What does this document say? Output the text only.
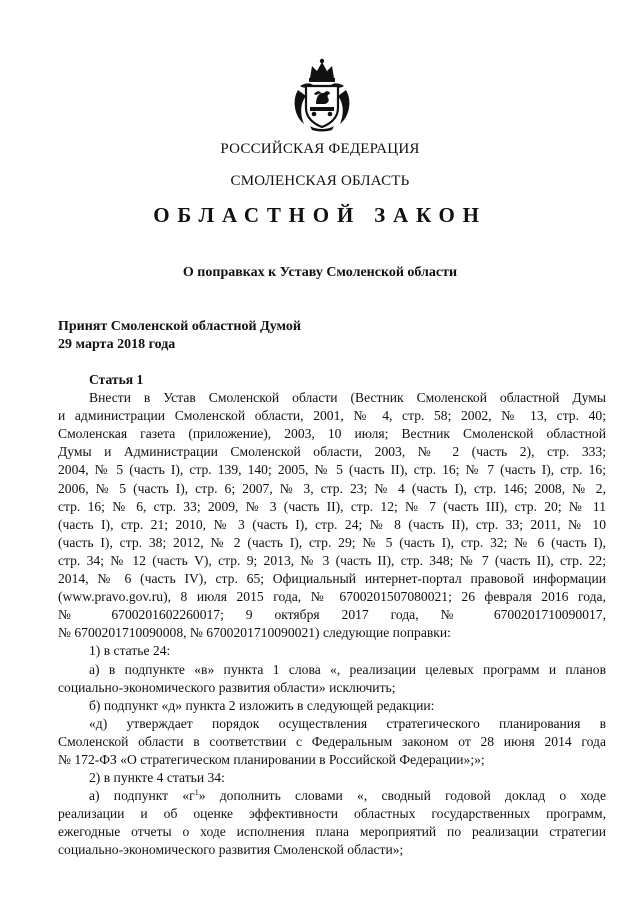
РОССИЙСКАЯ ФЕДЕРАЦИЯ
СМОЛЕНСКАЯ ОБЛАСТЬ
ОБЛАСТНОЙ ЗАКОН
О поправках к Уставу Смоленской области
Принят Смоленской областной Думой
29 марта 2018 года
Статья 1
Внести в Устав Смоленской области (Вестник Смоленской областной Думы
и администрации Смоленской области, 2001, № 4, стр. 58; 2002, № 13, стр. 40;
Смоленская газета (приложение), 2003, 10 июля; Вестник Смоленской областной
Думы и Администрации Смоленской области, 2003, № 2 (часть 2), стр. 333;
2004, № 5 (часть I), стр. 139, 140; 2005, № 5 (часть II), стр. 16; № 7 (часть I), стр. 16;
2006, № 5 (часть I), стр. 6; 2007, № 3, стр. 23; № 4 (часть I), стр. 146; 2008, № 2,
стр. 16; № 6, стр. 33; 2009, № 3 (часть II), стр. 12; № 7 (часть III), стр. 20; № 11
(часть I), стр. 21; 2010, № 3 (часть I), стр. 24; № 8 (часть II), стр. 33; 2011, № 10
(часть I), стр. 38; 2012, № 2 (часть I), стр. 29; № 5 (часть I), стр. 32; № 6 (часть I),
стр. 34; № 12 (часть V), стр. 9; 2013, № 3 (часть II), стр. 348; № 7 (часть II), стр. 22;
2014, № 6 (часть IV), стр. 65; Официальный интернет-портал правовой информации
(www.pravo.gov.ru), 8 июля 2015 года, № 6700201507080021; 26 февраля 2016 года,
№ 6700201602260017; 9 октября 2017 года, № 6700201710090017,
№ 6700201710090008, № 6700201710090021) следующие поправки:
1) в статье 24:
а) в подпункте «в» пункта 1 слова «, реализации целевых программ и планов
социально-экономического развития области» исключить;
б) подпункт «д» пункта 2 изложить в следующей редакции:
«д) утверждает порядок осуществления стратегического планирования в
Смоленской области в соответствии с Федеральным законом от 28 июня 2014 года
№ 172-ФЗ «О стратегическом планировании в Российской Федерации»;»;
2) в пункте 4 статьи 34:
а) подпункт «$г^1$» дополнить словами «, сводный годовой доклад о ходе
реализации и об оценке эффективности областных государственных программ,
ежегодные отчеты о ходе исполнения плана мероприятий по реализации стратегии
социально-экономического развития Смоленской области»;
